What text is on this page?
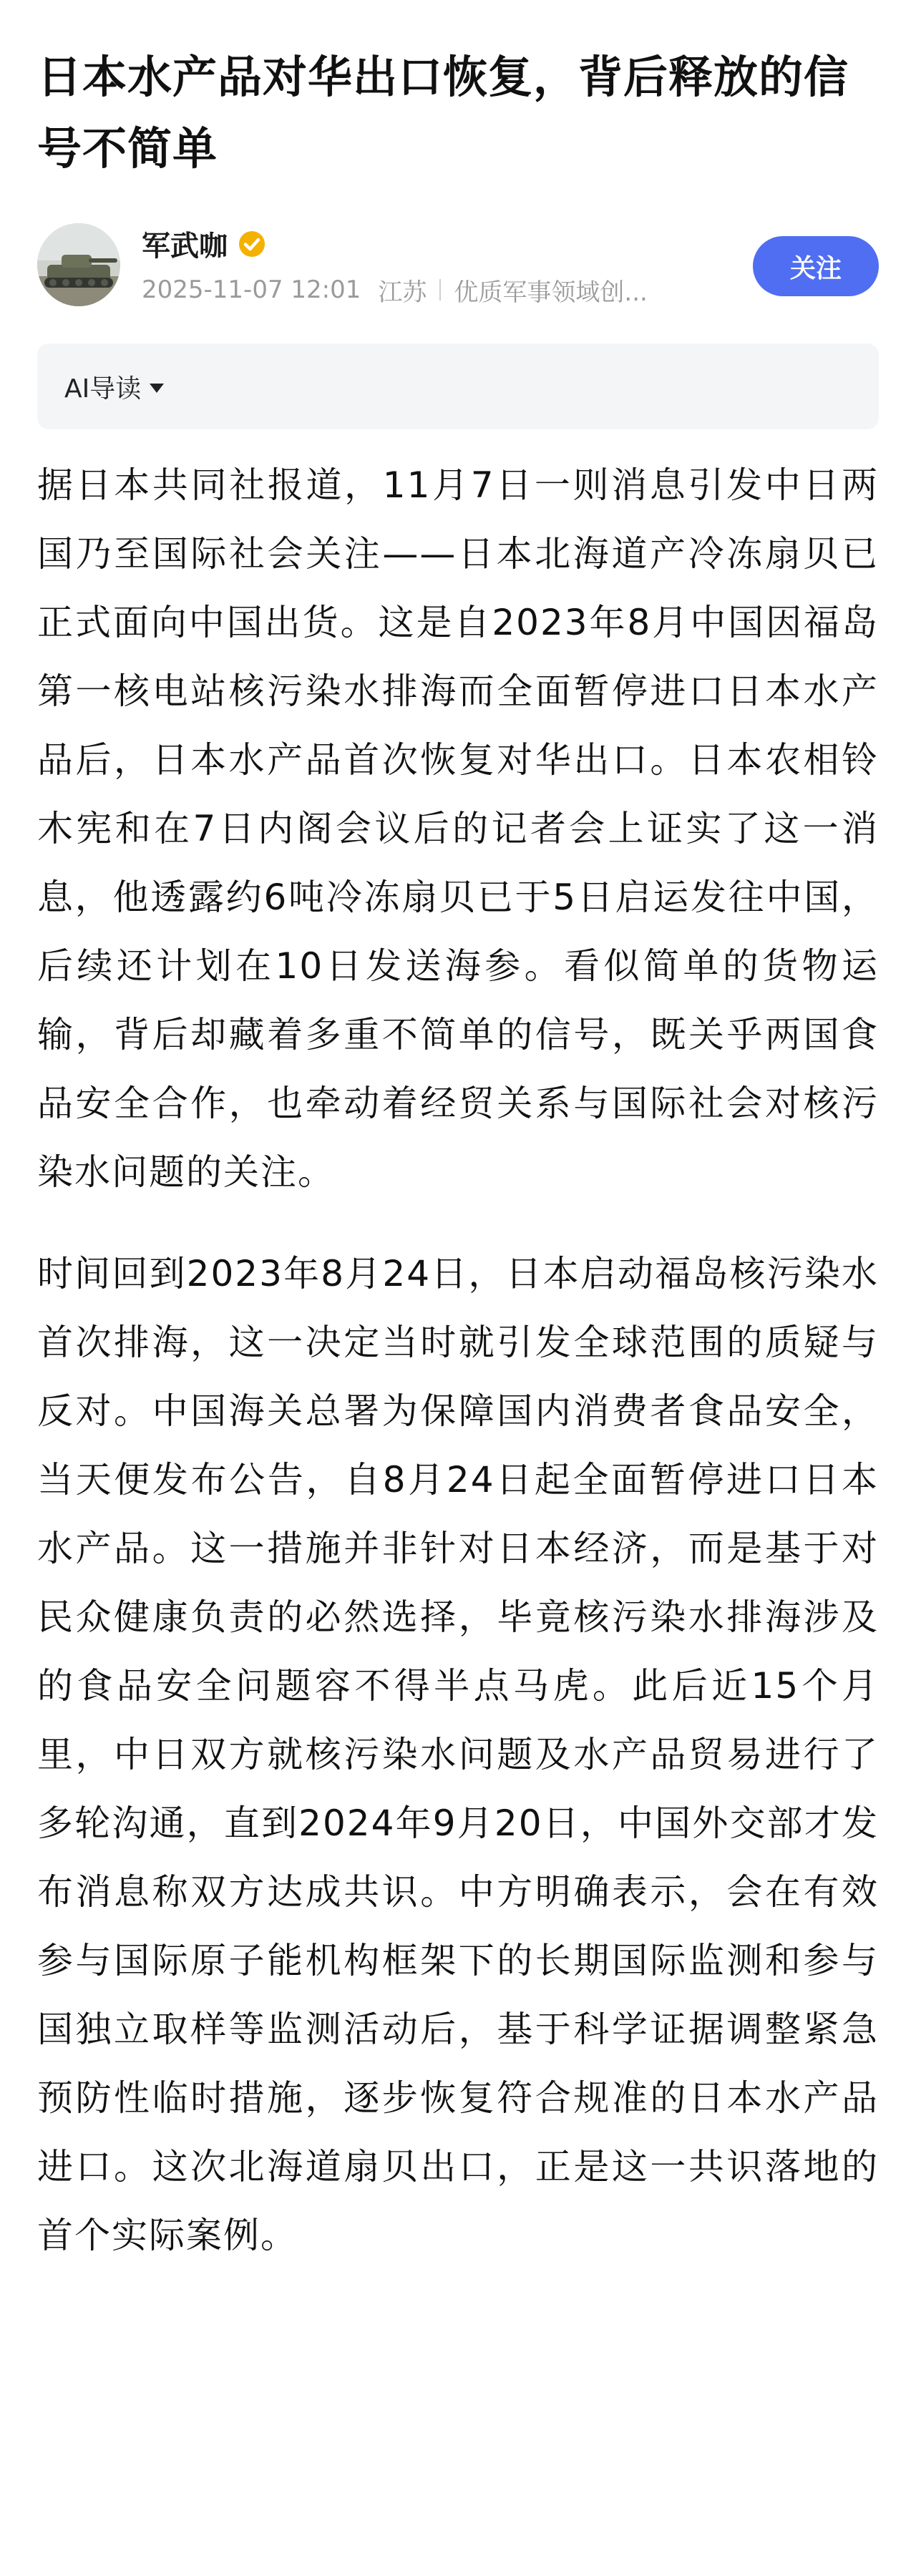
日本水产品对华出口恢复，背后释放的信号不简单
军武咖
2025-11-07 12:01 江苏 优质军事领域创...
关注
AI导读

据日本共同社报道，11月7日一则消息引发中日两国乃至国际社会关注——日本北海道产冷冻扇贝已正式面向中国出货。这是自2023年8月中国因福岛第一核电站核污染水排海而全面暂停进口日本水产品后，日本水产品首次恢复对华出口。日本农相铃木宪和在7日内阁会议后的记者会上证实了这一消息，他透露约6吨冷冻扇贝已于5日启运发往中国，后续还计划在10日发送海参。看似简单的货物运输，背后却藏着多重不简单的信号，既关乎两国食品安全合作，也牵动着经贸关系与国际社会对核污染水问题的关注。

时间回到2023年8月24日，日本启动福岛核污染水首次排海，这一决定当时就引发全球范围的质疑与反对。中国海关总署为保障国内消费者食品安全，当天便发布公告，自8月24日起全面暂停进口日本水产品。这一措施并非针对日本经济，而是基于对民众健康负责的必然选择，毕竟核污染水排海涉及的食品安全问题容不得半点马虎。此后近15个月里，中日双方就核污染水问题及水产品贸易进行了多轮沟通，直到2024年9月20日，中国外交部才发布消息称双方达成共识。中方明确表示，会在有效参与国际原子能机构框架下的长期国际监测和参与国独立取样等监测活动后，基于科学证据调整紧急预防性临时措施，逐步恢复符合规准的日本水产品进口。这次北海道扇贝出口，正是这一共识落地的首个实际案例。
